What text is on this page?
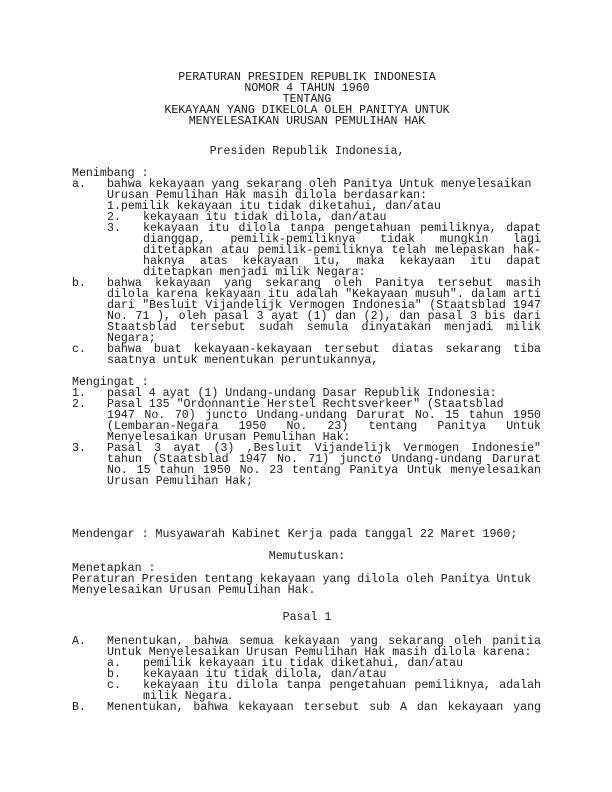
PERATURAN PRESIDEN REPUBLIK INDONESIA
NOMOR 4 TAHUN 1960
TENTANG
KEKAYAAN YANG DIKELOLA OLEH PANITYA UNTUK
MENYELESAIKAN URUSAN PEMULIHAN HAK
Presiden Republik Indonesia,
Menimbang :
a. bahwa kekayaan yang sekarang oleh Panitya Untuk menyelesaikan
Urusan Pemulihan Hak masih dilola berdasarkan:
1.pemilik kekayaan itu tidak diketahui, dan/atau
2. kekayaan itu tidak dilola, dan/atau
3. kekayaan itu dilola tanpa pengetahuan pemiliknya, dapat
dianggap, pemilik-pemiliknya tidak mungkin lagi
ditetapkan atau pemilik-pemiliknya telah melepaskan hak-
haknya atas kekayaan itu, maka kekayaan itu dapat
ditetapkan menjadi milik Negara:
b. bahwa kekayaan yang sekarang oleh Panitya tersebut masih
dilola karena kekayaan itu adalah "Kekayaan musuh". dalam arti
dari "Besluit Vijandelijk Vermogen Indonesia" (Staatsblad 1947
No. 71 ), oleh pasal 3 ayat (1) dan (2), dan pasal 3 bis dari
Staatsblad tersebut sudah semula dinyatakan menjadi milik
Negara;
c. bahwa buat kekayaan-kekayaan tersebut diatas sekarang tiba
saatnya untuk menentukan peruntukannya,
Mengingat :
1. pasal 4 ayat (1) Undang-undang Dasar Republik Indonesia:
2. Pasal 135 "Ordonnantie Herstel Rechtsverkeer" (Staatsblad
1947 No. 70) juncto Undang-undang Darurat No. 15 tahun 1950
(Lembaran-Negara 1950 No. 23) tentang Panitya Untuk
Menyelesaikan Urusan Pemulihan Hak:
3. Pasal 3 ayat (3) ,Besluit Vijandelijk Vermogen Indonesie"
tahun (Staatsblad 1947 No. 71) juncto Undang-undang Darurat
No. 15 tahun 1950 No. 23 tentang Panitya Untuk menyelesaikan
Urusan Pemulihan Hak;
Mendengar : Musyawarah Kabinet Kerja pada tanggal 22 Maret 1960;
Memutuskan:
Menetapkan :
Peraturan Presiden tentang kekayaan yang dilola oleh Panitya Untuk
Menyelesaikan Urusan Pemulihan Hak.
Pasal 1
A. Menentukan, bahwa semua kekayaan yang sekarang oleh panitia
Untuk Menyelesaikan Urusan Pemulihan Hak masih dilola karena:
a. pemilik kekayaan itu tidak diketahui, dan/atau
b. kekayaan itu tidak dilola, dan/atau
c. kekayaan itu dilola tanpa pengetahuan pemiliknya, adalah
milik Negara.
B. Menentukan, bahwa kekayaan tersebut sub A dan kekayaan yang
